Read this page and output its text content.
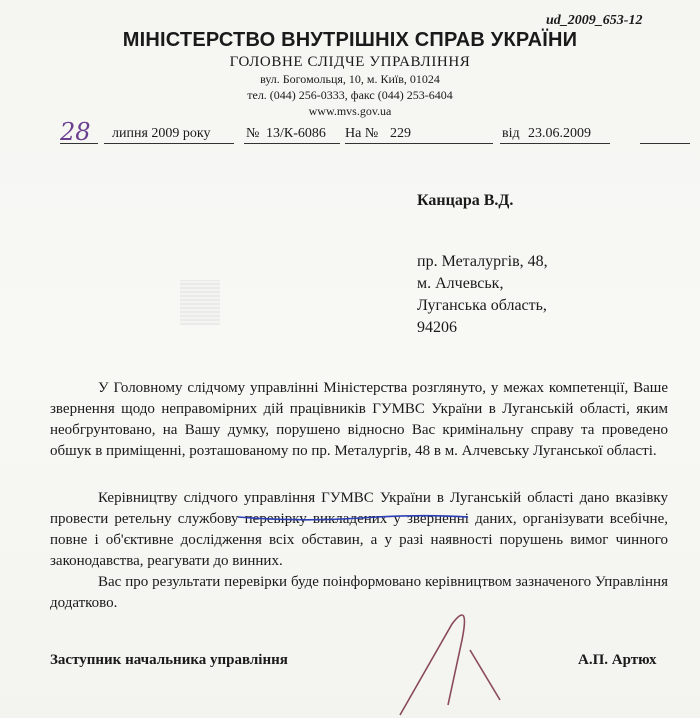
ud_2009_653-12
МІНІСТЕРСТВО ВНУТРІШНІХ СПРАВ УКРАЇНИ
ГОЛОВНЕ СЛІДЧЕ УПРАВЛІННЯ
вул. Богомольця, 10, м. Київ, 01024
тел. (044) 256-0333, факс (044) 253-6404
www.mvs.gov.ua
28 липня 2009 року	№ 13/К-6086 На № 229	від 23.06.2009
Канцара В.Д.
пр. Металургів, 48,
м. Алчевськ,
Луганська область,
94206
У Головному слідчому управлінні Міністерства розглянуто, у межах компетенції, Ваше звернення щодо неправомірних дій працівників ГУМВС України в Луганській області, яким необгрунтовано, на Вашу думку, порушено відносно Вас кримінальну справу та проведено обшук в приміщенні, розташованому по пр. Металургів, 48 в м. Алчевську Луганської області.
Керівництву слідчого управління ГУМВС України в Луганській області дано вказівку провести ретельну службову перевірку викладених у зверненні даних, організувати всебічне, повне і об'єктивне дослідження всіх обставин, а у разі наявності порушень вимог чинного законодавства, реагувати до винних.
Вас про результати перевірки буде поінформовано керівництвом зазначеного Управління додатково.
Заступник начальника управління	А.П. Артюх
